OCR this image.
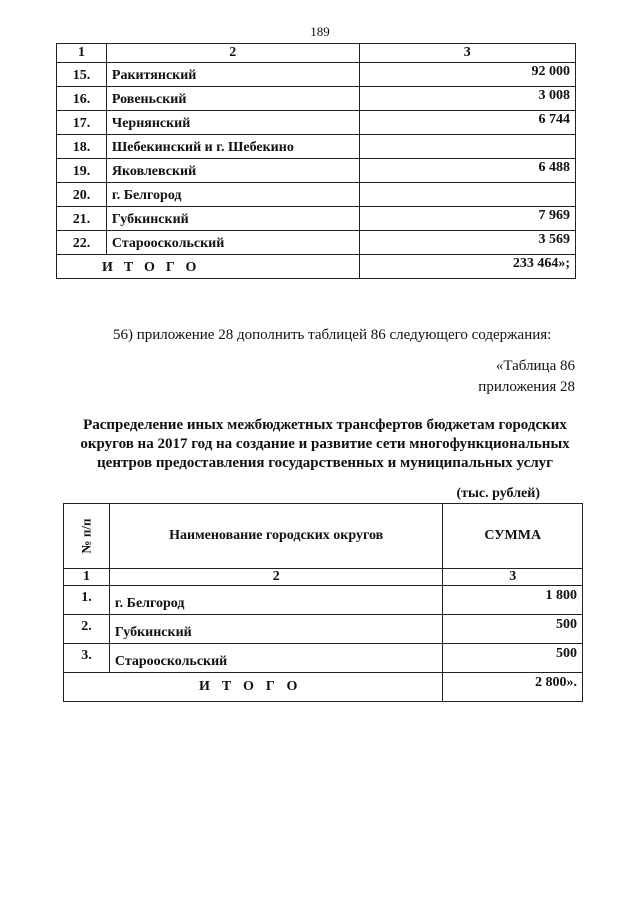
189
1	2	3
15.	Ракитянский	92 000
16.	Ровеньский	3 008
17.	Чернянский	6 744
18.	Шебекинский и г. Шебекино	
19.	Яковлевский	6 488
20.	г. Белгород	
21.	Губкинский	7 969
22.	Старооскольский	3 569
ИТОГО		233 464»;
56) приложение 28 дополнить таблицей 86 следующего содержания:
«Таблица 86
приложения 28
Распределение иных межбюджетных трансфертов бюджетам городских округов на 2017 год на создание и развитие сети многофункциональных центров предоставления государственных и муниципальных услуг
(тыс. рублей)
№ п/п	Наименование городских округов	СУММА
1	2	3
1.	г. Белгород	1 800
2.	Губкинский	500
3.	Старооскольский	500
ИТОГО		2 800».
